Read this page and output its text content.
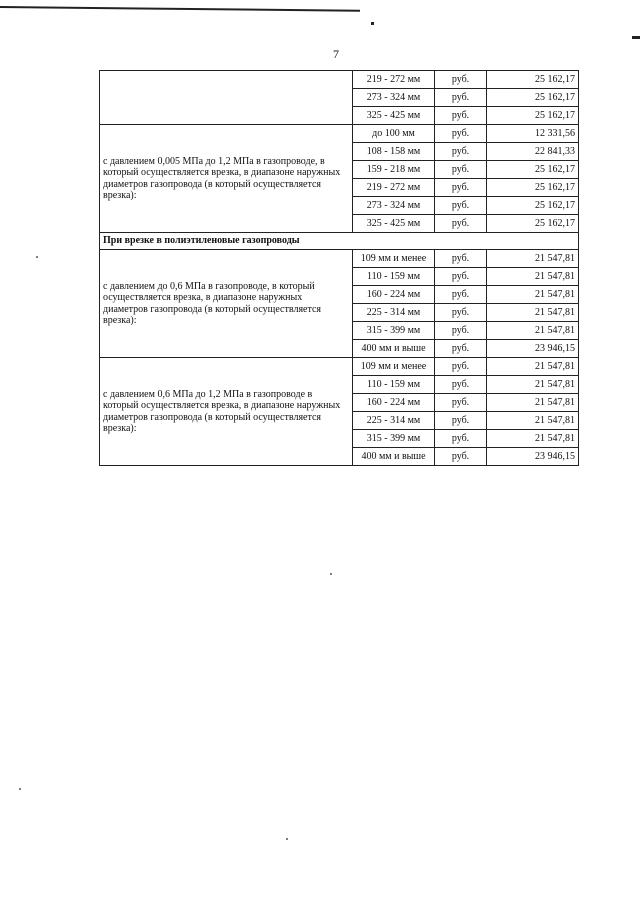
7
	219 - 272 мм	руб.	25 162,17
	273 - 324 мм	руб.	25 162,17
	325 - 425 мм	руб.	25 162,17
с давлением 0,005 МПа до 1,2 МПа в газопроводе, в который осуществляется врезка, в диапазоне наружных диаметров газопровода (в который осуществляется врезка):	до 100 мм	руб.	12 331,56
	108 - 158 мм	руб.	22 841,33
	159 - 218 мм	руб.	25 162,17
	219 - 272 мм	руб.	25 162,17
	273 - 324 мм	руб.	25 162,17
	325 - 425 мм	руб.	25 162,17
При врезке в полиэтиленовые газопроводы			
с давлением до 0,6 МПа в газопроводе, в который осуществляется врезка, в диапазоне наружных диаметров газопровода (в который осуществляется врезка):	109 мм и менее	руб.	21 547,81
	110 - 159 мм	руб.	21 547,81
	160 - 224 мм	руб.	21 547,81
	225 - 314 мм	руб.	21 547,81
	315 - 399 мм	руб.	21 547,81
	400 мм и выше	руб.	23 946,15
с давлением 0,6 МПа до 1,2 МПа в газопроводе в который осуществляется врезка, в диапазоне наружных диаметров газопровода (в который осуществляется врезка):	109 мм и менее	руб.	21 547,81
	110 - 159 мм	руб.	21 547,81
	160 - 224 мм	руб.	21 547,81
	225 - 314 мм	руб.	21 547,81
	315 - 399 мм	руб.	21 547,81
	400 мм и выше	руб.	23 946,15
